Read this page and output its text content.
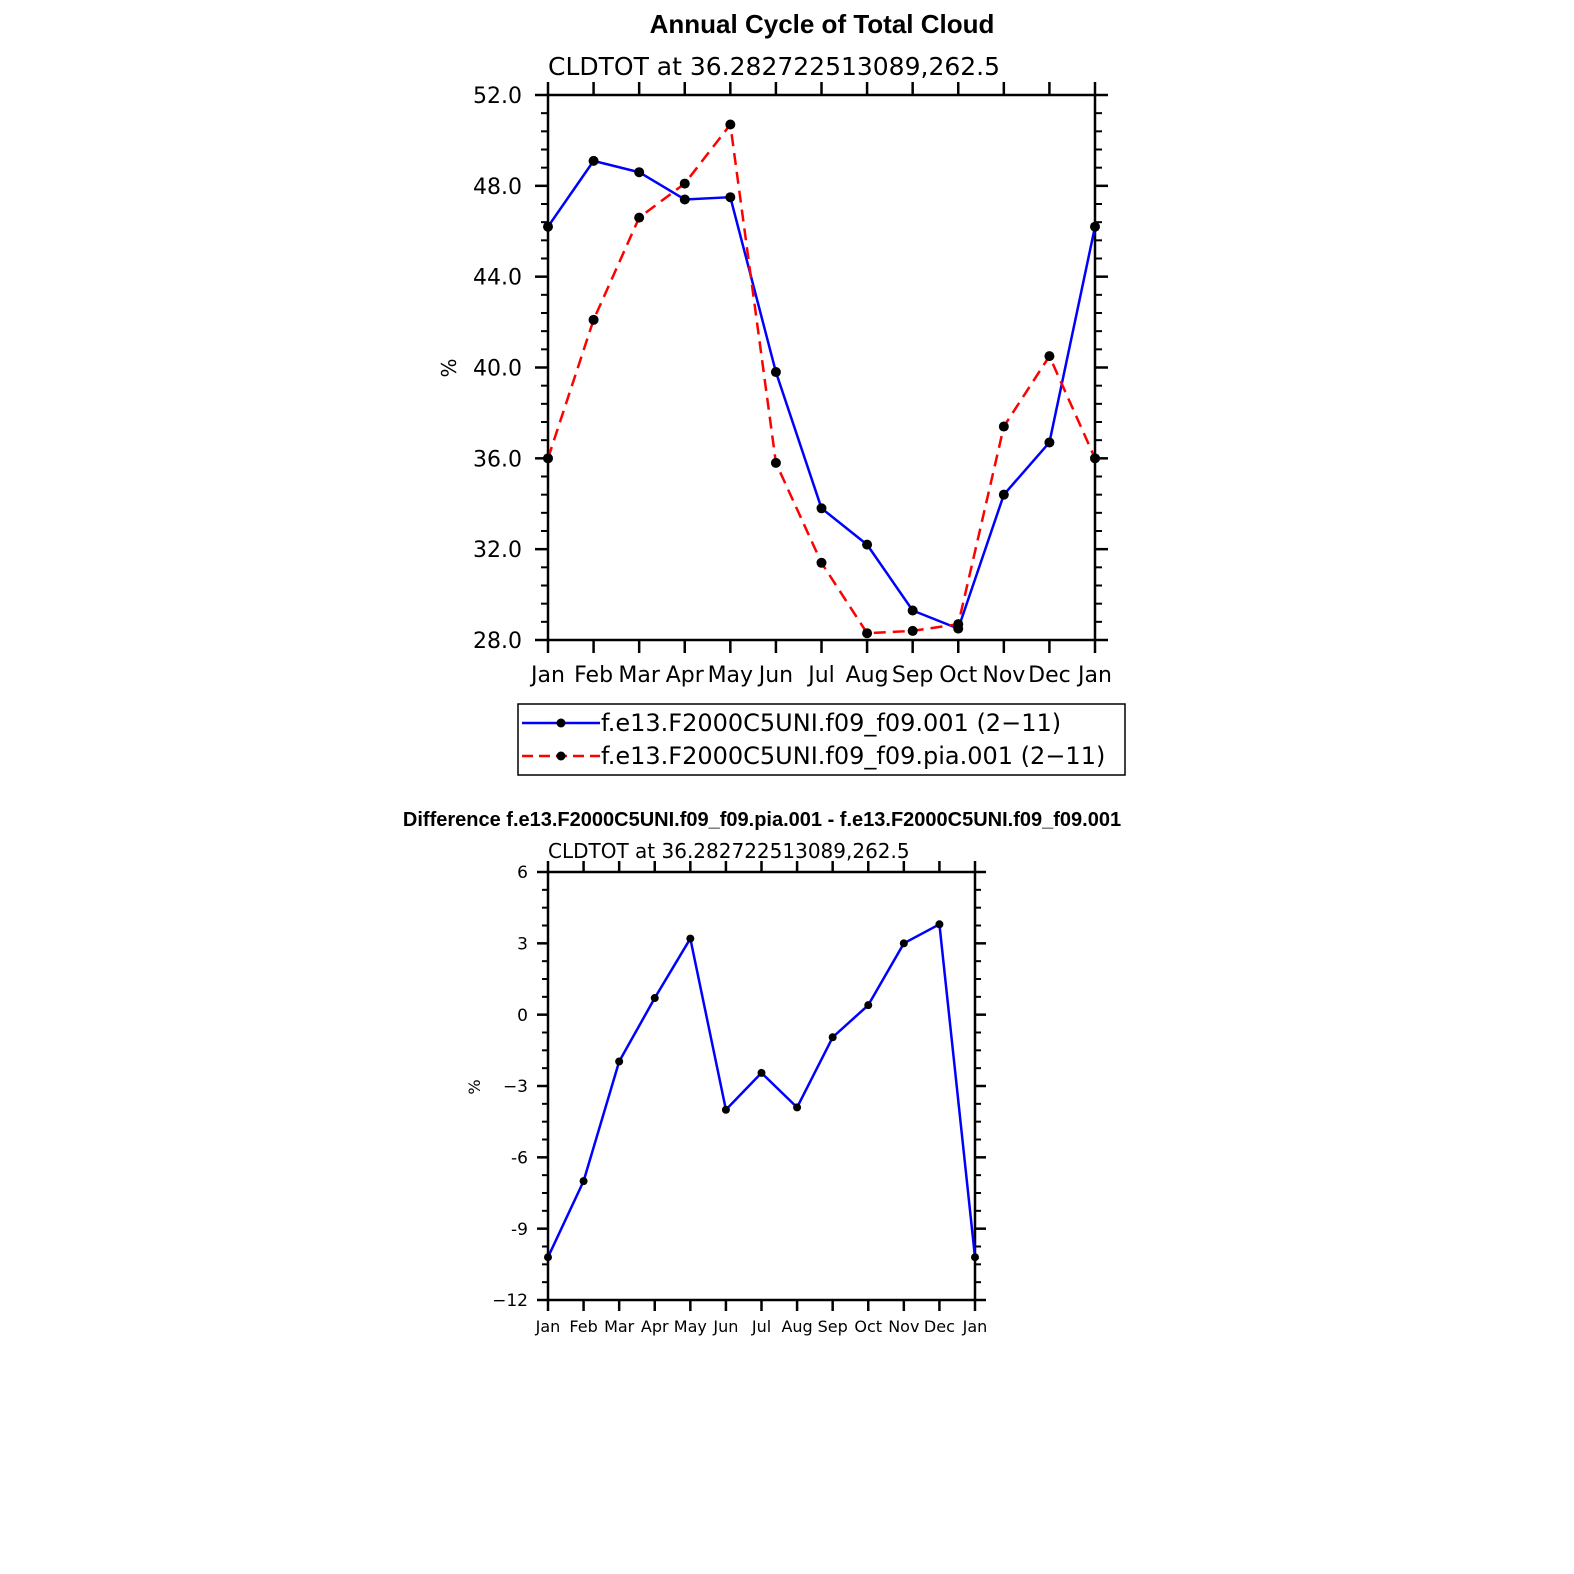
Annual Cycle of Total Cloud
CLDTOT at 36.282722513089,262.5
%
Jan Feb Mar Apr May Jun Jul Aug Sep Oct Nov Dec Jan
28.0
32.0
36.0
40.0
44.0
48.0
52.0
f.e13.F2000C5UNI.f09_f09.001 (2−11)
f.e13.F2000C5UNI.f09_f09.pia.001 (2−11)
Difference f.e13.F2000C5UNI.f09_f09.pia.001 - f.e13.F2000C5UNI.f09_f09.001
CLDTOT at 36.282722513089,262.5
%
Jan Feb Mar Apr May Jun Jul Aug Sep Oct Nov Dec Jan
−12
-9
-6
−3
0
3
6
